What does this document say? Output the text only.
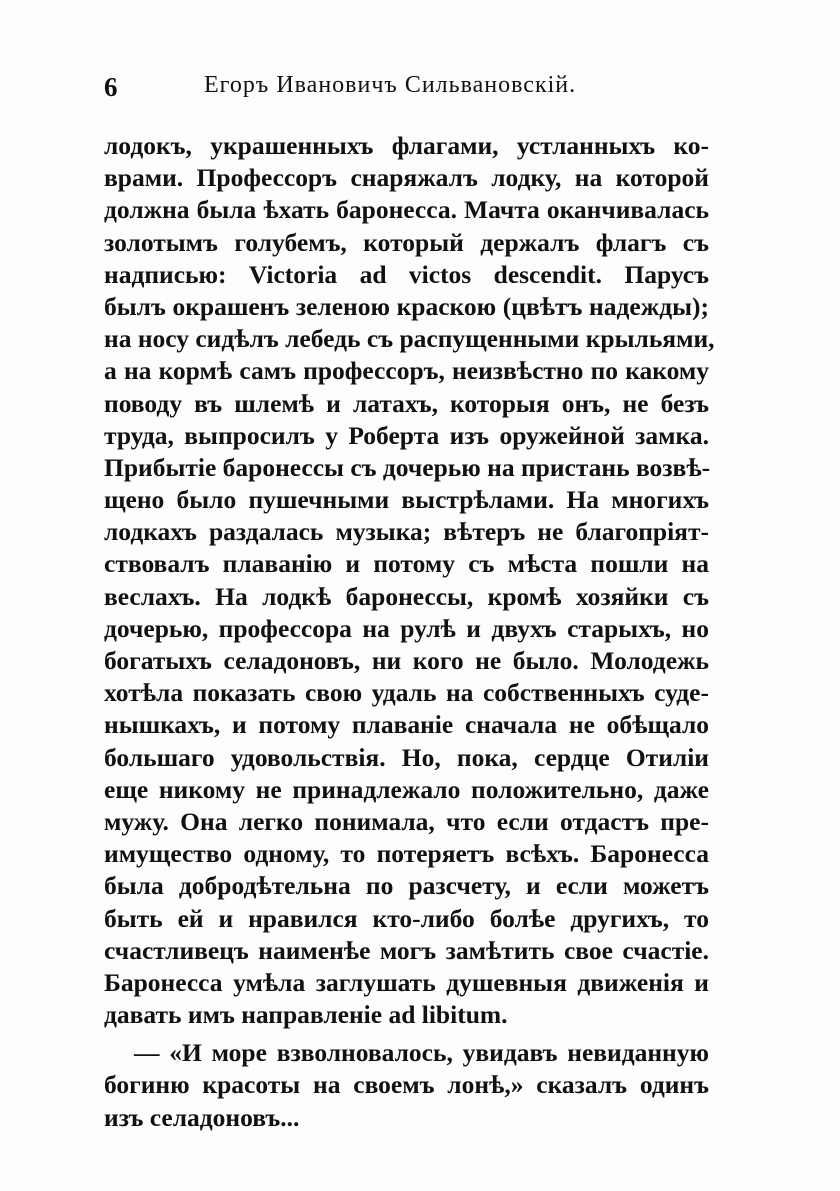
6	Егоръ Ивановичъ Сильвановскій.
лодокъ, украшенныхъ флагами, устланныхъ ко-
врами. Профессоръ снаряжалъ лодку, на которой
должна была ѣхать баронесса. Мачта оканчивалась
золотымъ голубемъ, который держалъ флагъ съ
надписью: Victoria ad victos descendit. Парусъ
былъ окрашенъ зеленою краскою (цвѣтъ надежды);
на носу сидѣлъ лебедь съ распущенными крыльями,
а на кормѣ самъ профессоръ, неизвѣстно по какому
поводу въ шлемѣ и латахъ, которыя онъ, не безъ
труда, выпросилъ у Роберта изъ оружейной замка.
Прибытіе баронессы съ дочерью на пристань возвѣ-
щено было пушечными выстрѣлами. На многихъ
лодкахъ раздалась музыка; вѣтеръ не благопріят-
ствовалъ плаванію и потому съ мѣста пошли на
веслахъ. На лодкѣ баронессы, кромѣ хозяйки съ
дочерью, профессора на рулѣ и двухъ старыхъ, но
богатыхъ селадоновъ, ни кого не было. Молодежь
хотѣла показать свою удаль на собственныхъ суде-
нышкахъ, и потому плаваніе сначала не обѣщало
большаго удовольствія. Но, пока, сердце Отиліи
еще никому не принадлежало положительно, даже
мужу. Она легко понимала, что если отдастъ пре-
имущество одному, то потеряетъ всѣхъ. Баронесса
была добродѣтельна по разсчету, и если можетъ
быть ей и нравился кто-либо болѣе другихъ, то
счастливецъ наименѣе могъ замѣтить свое счастіе.
Баронесса умѣла заглушать душевныя движенія и
давать имъ направленіе ad libitum.
— «И море взволновалось, увидавъ невиданную
богиню красоты на своемъ лонѣ,» сказалъ одинъ
изъ селадоновъ...
